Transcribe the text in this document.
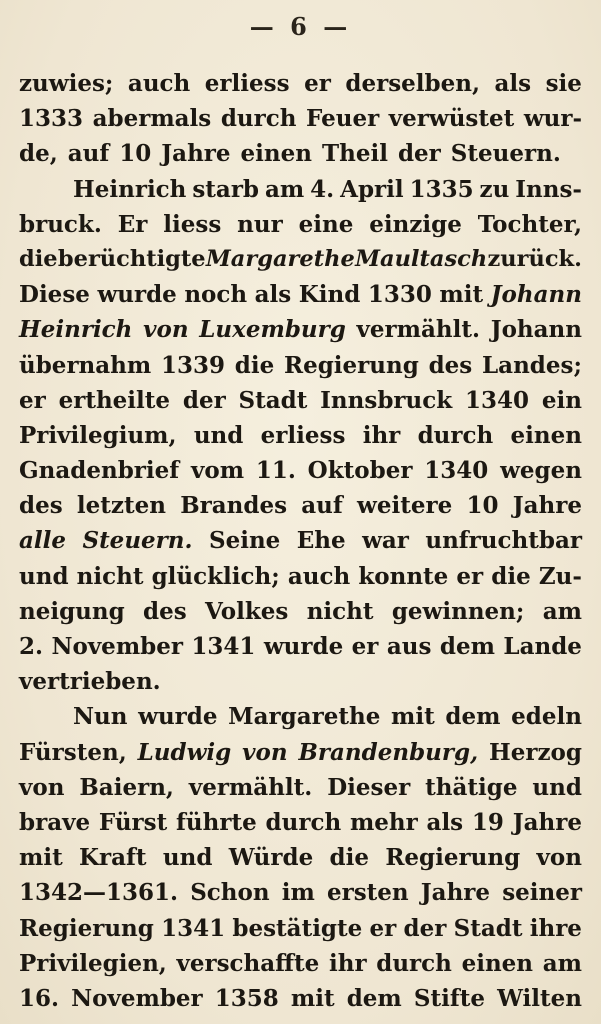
— 6 —
zuwies; auch erliess er derselben, als sie
1333 abermals durch Feuer verwüstet wur-
de, auf 10 Jahre einen Theil der Steuern.
Heinrich starb am 4. April 1335 zu Inns-
bruck. Er liess nur eine einzige Tochter,
die berüchtigte Margarethe Maultasch zurück.
Diese wurde noch als Kind 1330 mit Johann
Heinrich von Luxemburg vermählt. Johann
übernahm 1339 die Regierung des Landes;
er ertheilte der Stadt Innsbruck 1340 ein
Privilegium, und erliess ihr durch einen
Gnadenbrief vom 11. Oktober 1340 wegen
des letzten Brandes auf weitere 10 Jahre
alle Steuern. Seine Ehe war unfruchtbar
und nicht glücklich; auch konnte er die Zu-
neigung des Volkes nicht gewinnen; am
2. November 1341 wurde er aus dem Lande
vertrieben.
Nun wurde Margarethe mit dem edeln
Fürsten, Ludwig von Brandenburg, Herzog
von Baiern, vermählt. Dieser thätige und
brave Fürst führte durch mehr als 19 Jahre
mit Kraft und Würde die Regierung von
1342—1361. Schon im ersten Jahre seiner
Regierung 1341 bestätigte er der Stadt ihre
Privilegien, verschaffte ihr durch einen am
16. November 1358 mit dem Stifte Wilten
